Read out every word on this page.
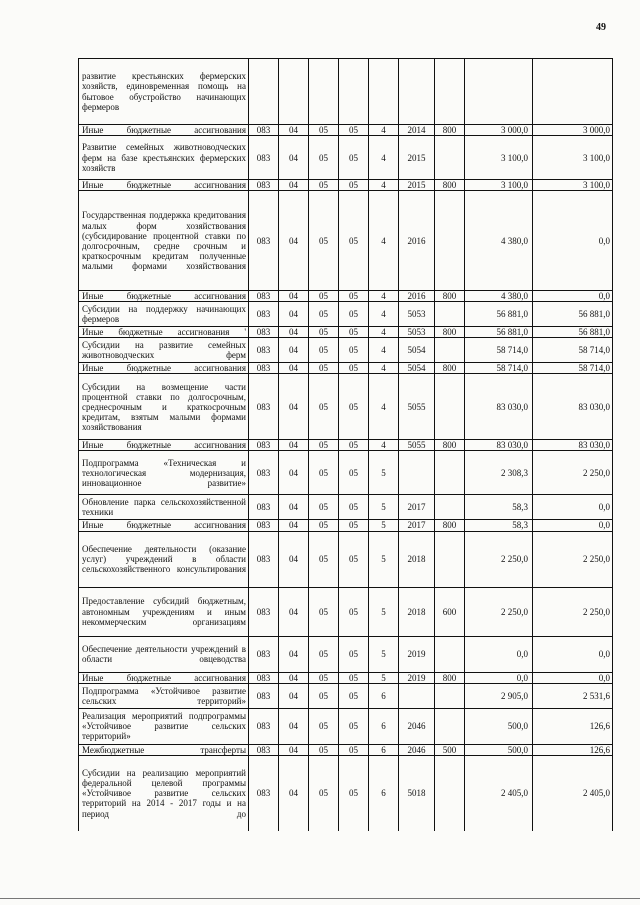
49
развитие крестьянских фермерских хозяйств, единовременная помощь на бытовое обустройство начинающих фермеров									
Иные бюджетные ассигнования	083	04	05	05	4	2014	800	3 000,0	3 000,0
Развитие семейных животноводческих ферм на базе крестьянских фермерских хозяйств	083	04	05	05	4	2015		3 100,0	3 100,0
Иные бюджетные ассигнования	083	04	05	05	4	2015	800	3 100,0	3 100,0
Государственная поддержка кредитования малых форм хозяйствования (субсидирование процентной ставки по долгосрочным, средне срочным и краткосрочным кредитам полученные малыми формами хозяйствования	083	04	05	05	4	2016		4 380,0	0,0
Иные бюджетные ассигнования	083	04	05	05	4	2016	800	4 380,0	0,0
Субсидии на поддержку начинающих фермеров	083	04	05	05	4	5053		56 881,0	56 881,0
Иные бюджетные ассигнования '	083	04	05	05	4	5053	800	56 881,0	56 881,0
Субсидии на развитие семейных животноводческих ферм	083	04	05	05	4	5054		58 714,0	58 714,0
Иные бюджетные ассигнования	083	04	05	05	4	5054	800	58 714,0	58 714,0
Субсидии на возмещение части процентной ставки по долгосрочным, среднесрочным и краткосрочным кредитам, взятым малыми формами хозяйствования	083	04	05	05	4	5055		83 030,0	83 030,0
Иные бюджетные ассигнования	083	04	05	05	4	5055	800	83 030,0	83 030,0
Подпрограмма «Техническая и технологическая модернизация, инновационное развитие»	083	04	05	05	5			2 308,3	2 250,0
Обновление парка сельскохозяйственной техники	083	04	05	05	5	2017		58,3	0,0
Иные бюджетные ассигнования	083	04	05	05	5	2017	800	58,3	0,0
Обеспечение деятельности (оказание услуг) учреждений в области сельскохозяйственного консультирования	083	04	05	05	5	2018		2 250,0	2 250,0
Предоставление субсидий бюджетным, автономным учреждениям и иным некоммерческим организациям	083	04	05	05	5	2018	600	2 250,0	2 250,0
Обеспечение деятельности учреждений в области овцеводства	083	04	05	05	5	2019		0,0	0,0
Иные бюджетные ассигнования	083	04	05	05	5	2019	800	0,0	0,0
Подпрограмма «Устойчивое развитие сельских территорий»	083	04	05	05	6			2 905,0	2 531,6
Реализация мероприятий подпрограммы «Устойчивое развитие сельских территорий»	083	04	05	05	6	2046		500,0	126,6
Межбюджетные трансферты	083	04	05	05	6	2046	500	500,0	126,6
Субсидии на реализацию мероприятий федеральной целевой программы «Устойчивое развитие сельских территорий на 2014 - 2017 годы и на период до	083	04	05	05	6	5018		2 405,0	2 405,0
